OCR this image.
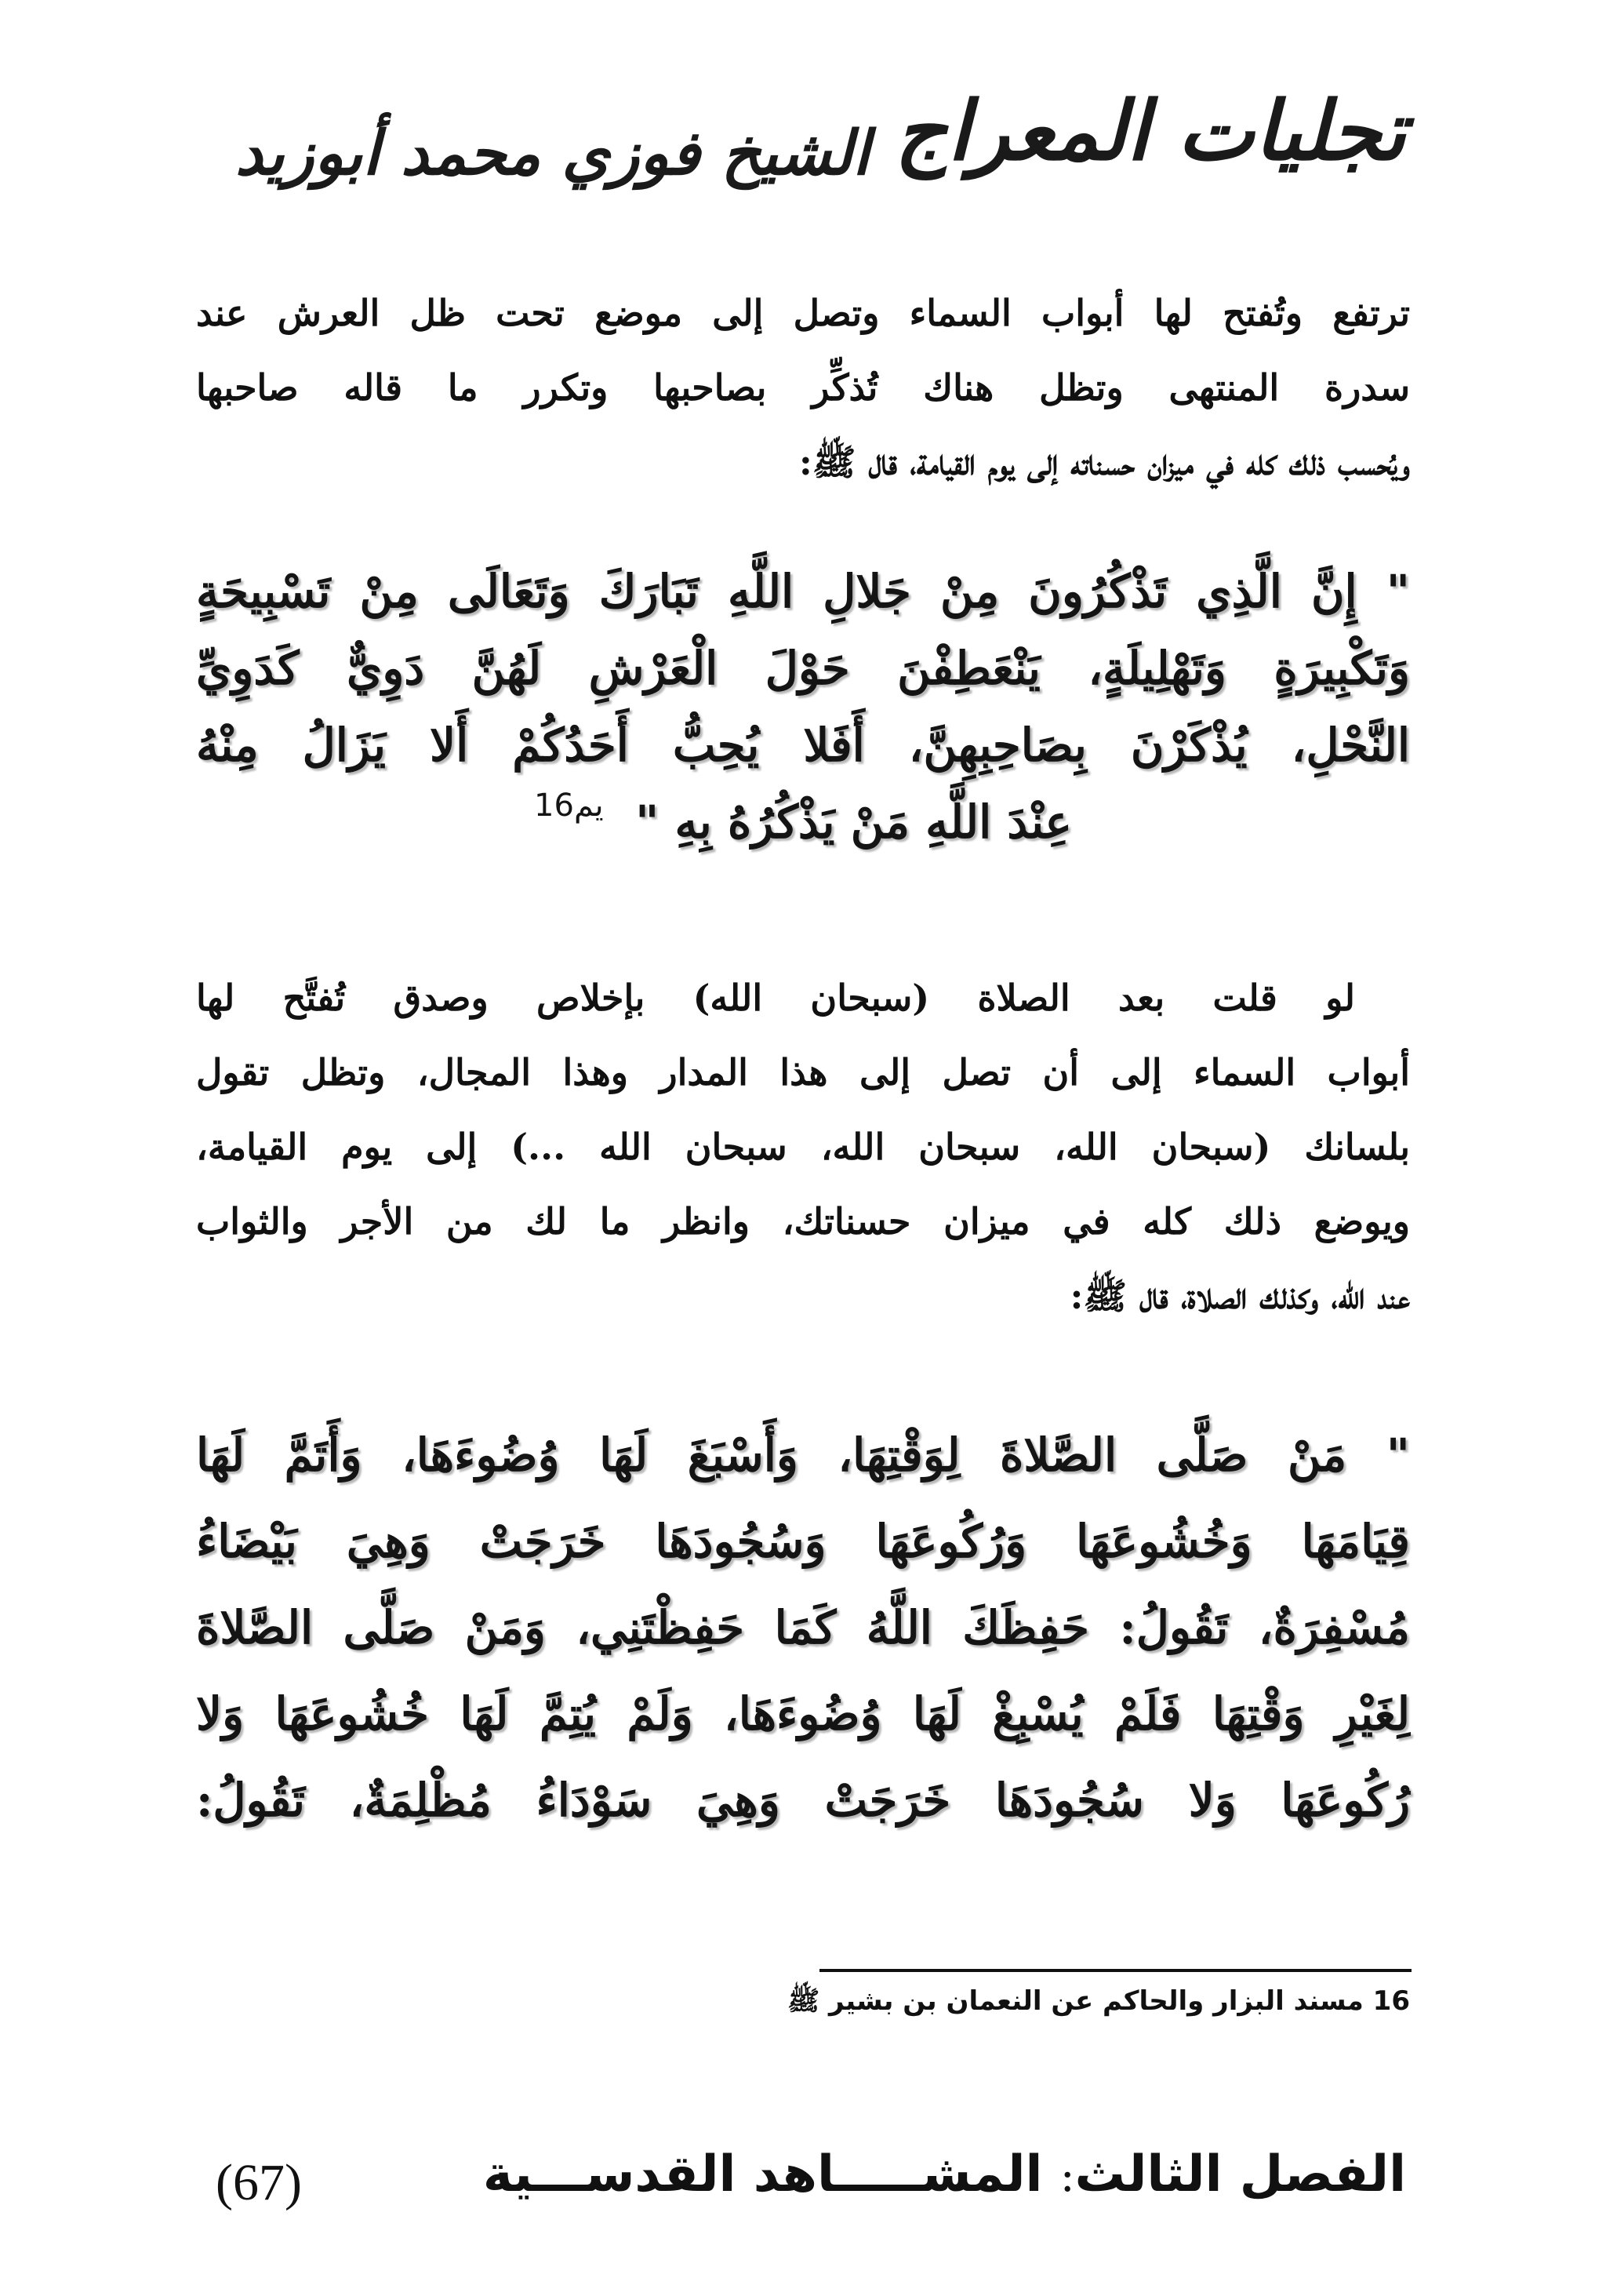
تجليات المعراج
الشيخ فوزي محمد أبوزيد
ترتفع وتُفتح لها أبواب السماء وتصل إلى موضع تحت ظل العرش عند
سدرة المنتهى وتظل هناك تُذكِّر بصاحبها وتكرر ما قاله صاحبها
ويُحسب ذلك كله في ميزان حسناته إلى يوم القيامة، قال ﷺ:
" إِنَّ الَّذِي تَذْكُرُونَ مِنْ جَلالِ اللَّهِ تَبَارَكَ وَتَعَالَى مِنْ تَسْبِيحَةٍ
وَتَكْبِيرَةٍ وَتَهْلِيلَةٍ، يَنْعَطِفْنَ حَوْلَ الْعَرْشِ لَهُنَّ دَوِيٌّ كَدَوِيِّ
النَّحْلِ، يُذْكَرْنَ بِصَاحِبِهِنَّ، أَفَلا يُحِبُّ أَحَدُكُمْ أَلا يَزَالُ مِنْهُ
عِنْدَ اللَّهِ مَنْ يَذْكُرُهُ بِهِ "  $^{يم16}$
لو قلت بعد الصلاة (سبحان الله) بإخلاص وصدق تُفتَّح لها
أبواب السماء إلى أن تصل إلى هذا المدار وهذا المجال، وتظل تقول
بلسانك (سبحان الله، سبحان الله، سبحان الله ...) إلى يوم القيامة،
ويوضع ذلك كله في ميزان حسناتك، وانظر ما لك من الأجر والثواب
عند الله، وكذلك الصلاة، قال ﷺ:
" مَنْ صَلَّى الصَّلاةَ لِوَقْتِهَا، وَأَسْبَغَ لَهَا وُضُوءَهَا، وَأَتَمَّ لَهَا
قِيَامَهَا وَخُشُوعَهَا وَرُكُوعَهَا وَسُجُودَهَا خَرَجَتْ وَهِيَ بَيْضَاءُ
مُسْفِرَةٌ، تَقُولُ: حَفِظَكَ اللَّهُ كَمَا حَفِظْتَنِي، وَمَنْ صَلَّى الصَّلاةَ
لِغَيْرِ وَقْتِهَا فَلَمْ يُسْبِغْ لَهَا وُضُوءَهَا، وَلَمْ يُتِمَّ لَهَا خُشُوعَهَا وَلا
رُكُوعَهَا وَلا سُجُودَهَا خَرَجَتْ وَهِيَ سَوْدَاءُ مُظْلِمَةٌ، تَقُولُ:
16 مسند البزار والحاكم عن النعمان بن بشير ﷺ
الفصل الثالث: المشـــــاهد القدســـية
(67)
